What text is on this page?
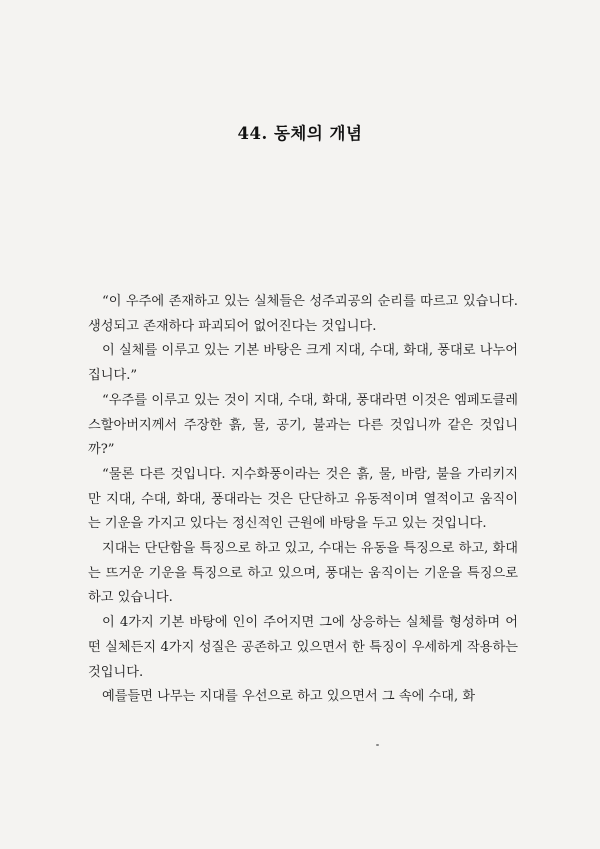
44. 동체의 개념

“이 우주에 존재하고 있는 실체들은 성주괴공의 순리를 따르고 있습니다. 생성되고 존재하다 파괴되어 없어진다는 것입니다.

이 실체를 이루고 있는 기본 바탕은 크게 지대, 수대, 화대, 풍대로 나누어 집니다.”

“우주를 이루고 있는 것이 지대, 수대, 화대, 풍대라면 이것은 엠페도클레스할아버지께서 주장한 흙, 물, 공기, 불과는 다른 것입니까 같은 것입니까?”

“물론 다른 것입니다. 지수화풍이라는 것은 흙, 물, 바람, 불을 가리키지만 지대, 수대, 화대, 풍대라는 것은 단단하고 유동적이며 열적이고 움직이는 기운을 가지고 있다는 정신적인 근원에 바탕을 두고 있는 것입니다.

지대는 단단함을 특징으로 하고 있고, 수대는 유동을 특징으로 하고, 화대는 뜨거운 기운을 특징으로 하고 있으며, 풍대는 움직이는 기운을 특징으로 하고 있습니다.

이 4가지 기본 바탕에 인이 주어지면 그에 상응하는 실체를 형성하며 어떤 실체든지 4가지 성질은 공존하고 있으면서 한 특징이 우세하게 작용하는 것입니다.

예를들면 나무는 지대를 우선으로 하고 있으면서 그 속에 수대, 화
